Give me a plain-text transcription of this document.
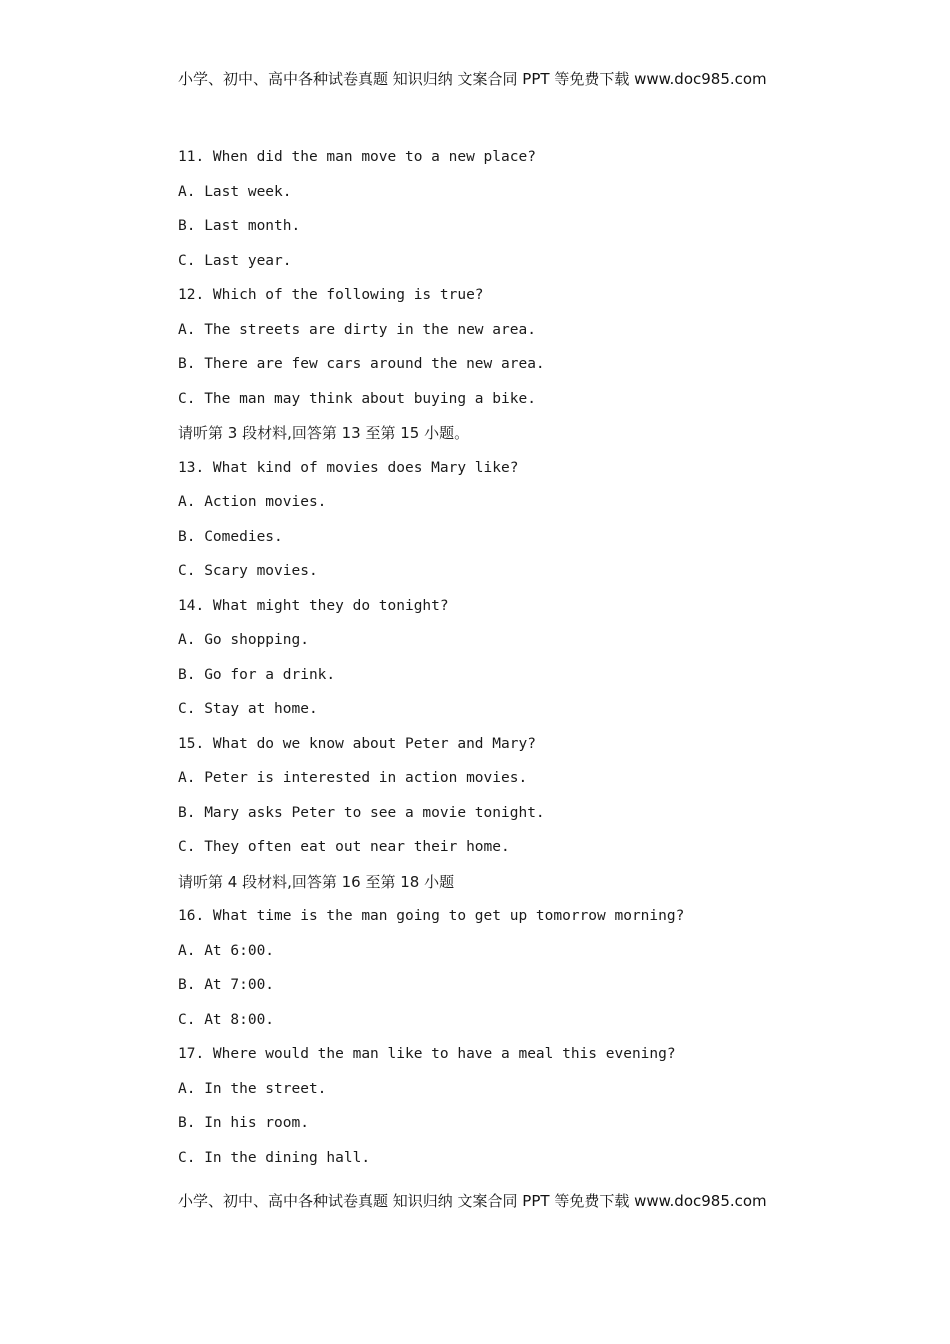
小学、初中、高中各种试卷真题 知识归纳 文案合同 PPT 等免费下载 www.doc985.com
11. When did the man move to a new place?
A. Last week.
B. Last month.
C. Last year.
12. Which of the following is true?
A. The streets are dirty in the new area.
B. There are few cars around the new area.
C. The man may think about buying a bike.
请听第 3 段材料,回答第 13 至第 15 小题。
13. What kind of movies does Mary like?
A. Action movies.
B. Comedies.
C. Scary movies.
14. What might they do tonight?
A. Go shopping.
B. Go for a drink.
C. Stay at home.
15. What do we know about Peter and Mary?
A. Peter is interested in action movies.
B. Mary asks Peter to see a movie tonight.
C. They often eat out near their home.
请听第 4 段材料,回答第 16 至第 18 小题
16. What time is the man going to get up tomorrow morning?
A. At 6:00.
B. At 7:00.
C. At 8:00.
17. Where would the man like to have a meal this evening?
A. In the street.
B. In his room.
C. In the dining hall.
小学、初中、高中各种试卷真题 知识归纳 文案合同 PPT 等免费下载 www.doc985.com
